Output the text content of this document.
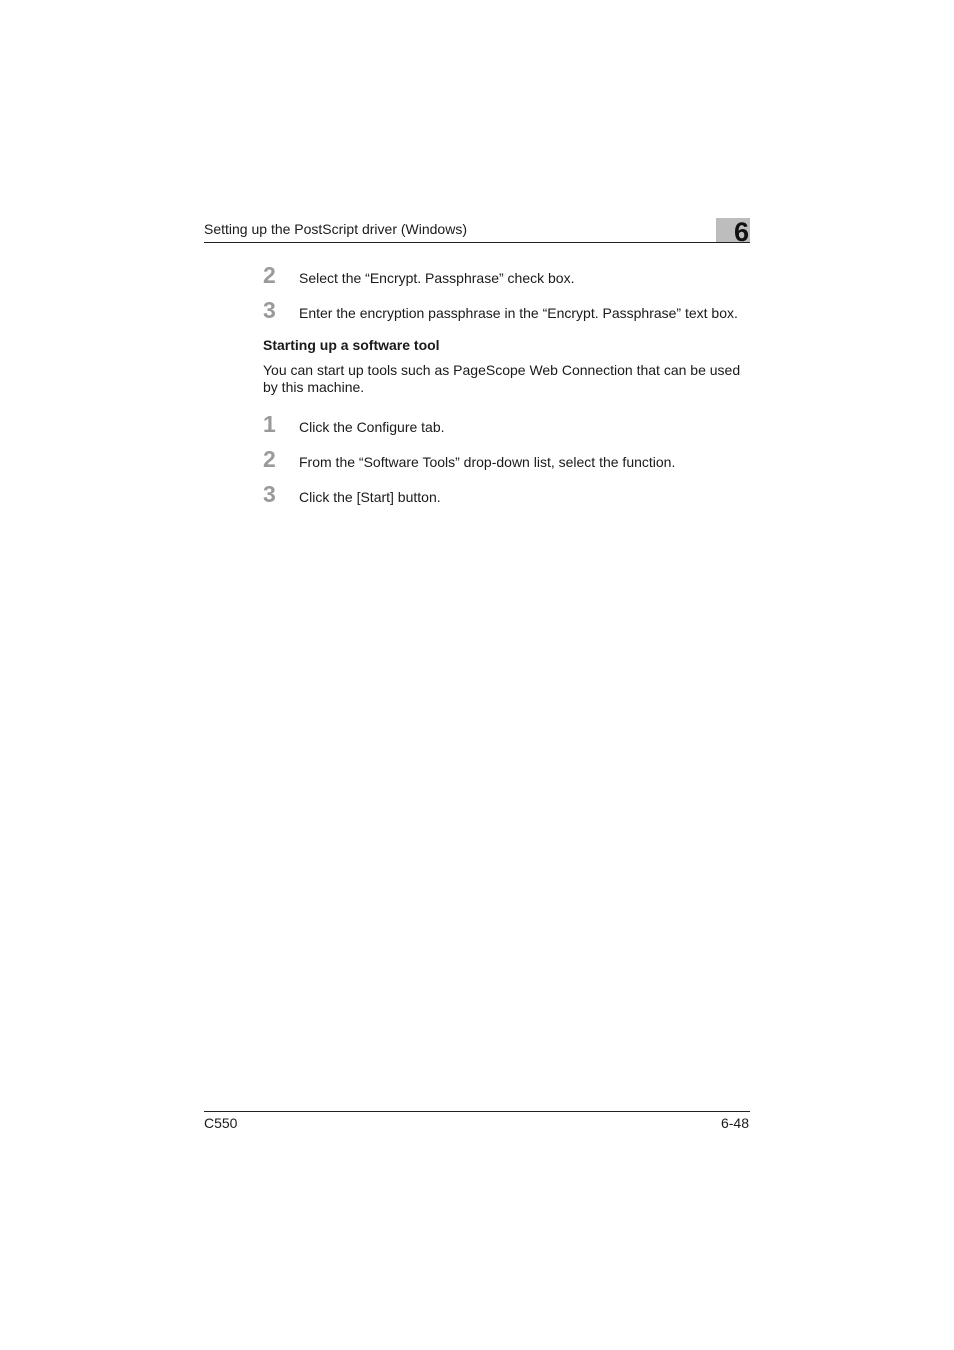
Setting up the PostScript driver (Windows)	6
2 Select the “Encrypt. Passphrase” check box.
3 Enter the encryption passphrase in the “Encrypt. Passphrase” text box.
Starting up a software tool

You can start up tools such as PageScope Web Connection that can be used by this machine.

1 Click the Configure tab.
2 From the “Software Tools” drop-down list, select the function.
3 Click the [Start] button.
C550	6-48
